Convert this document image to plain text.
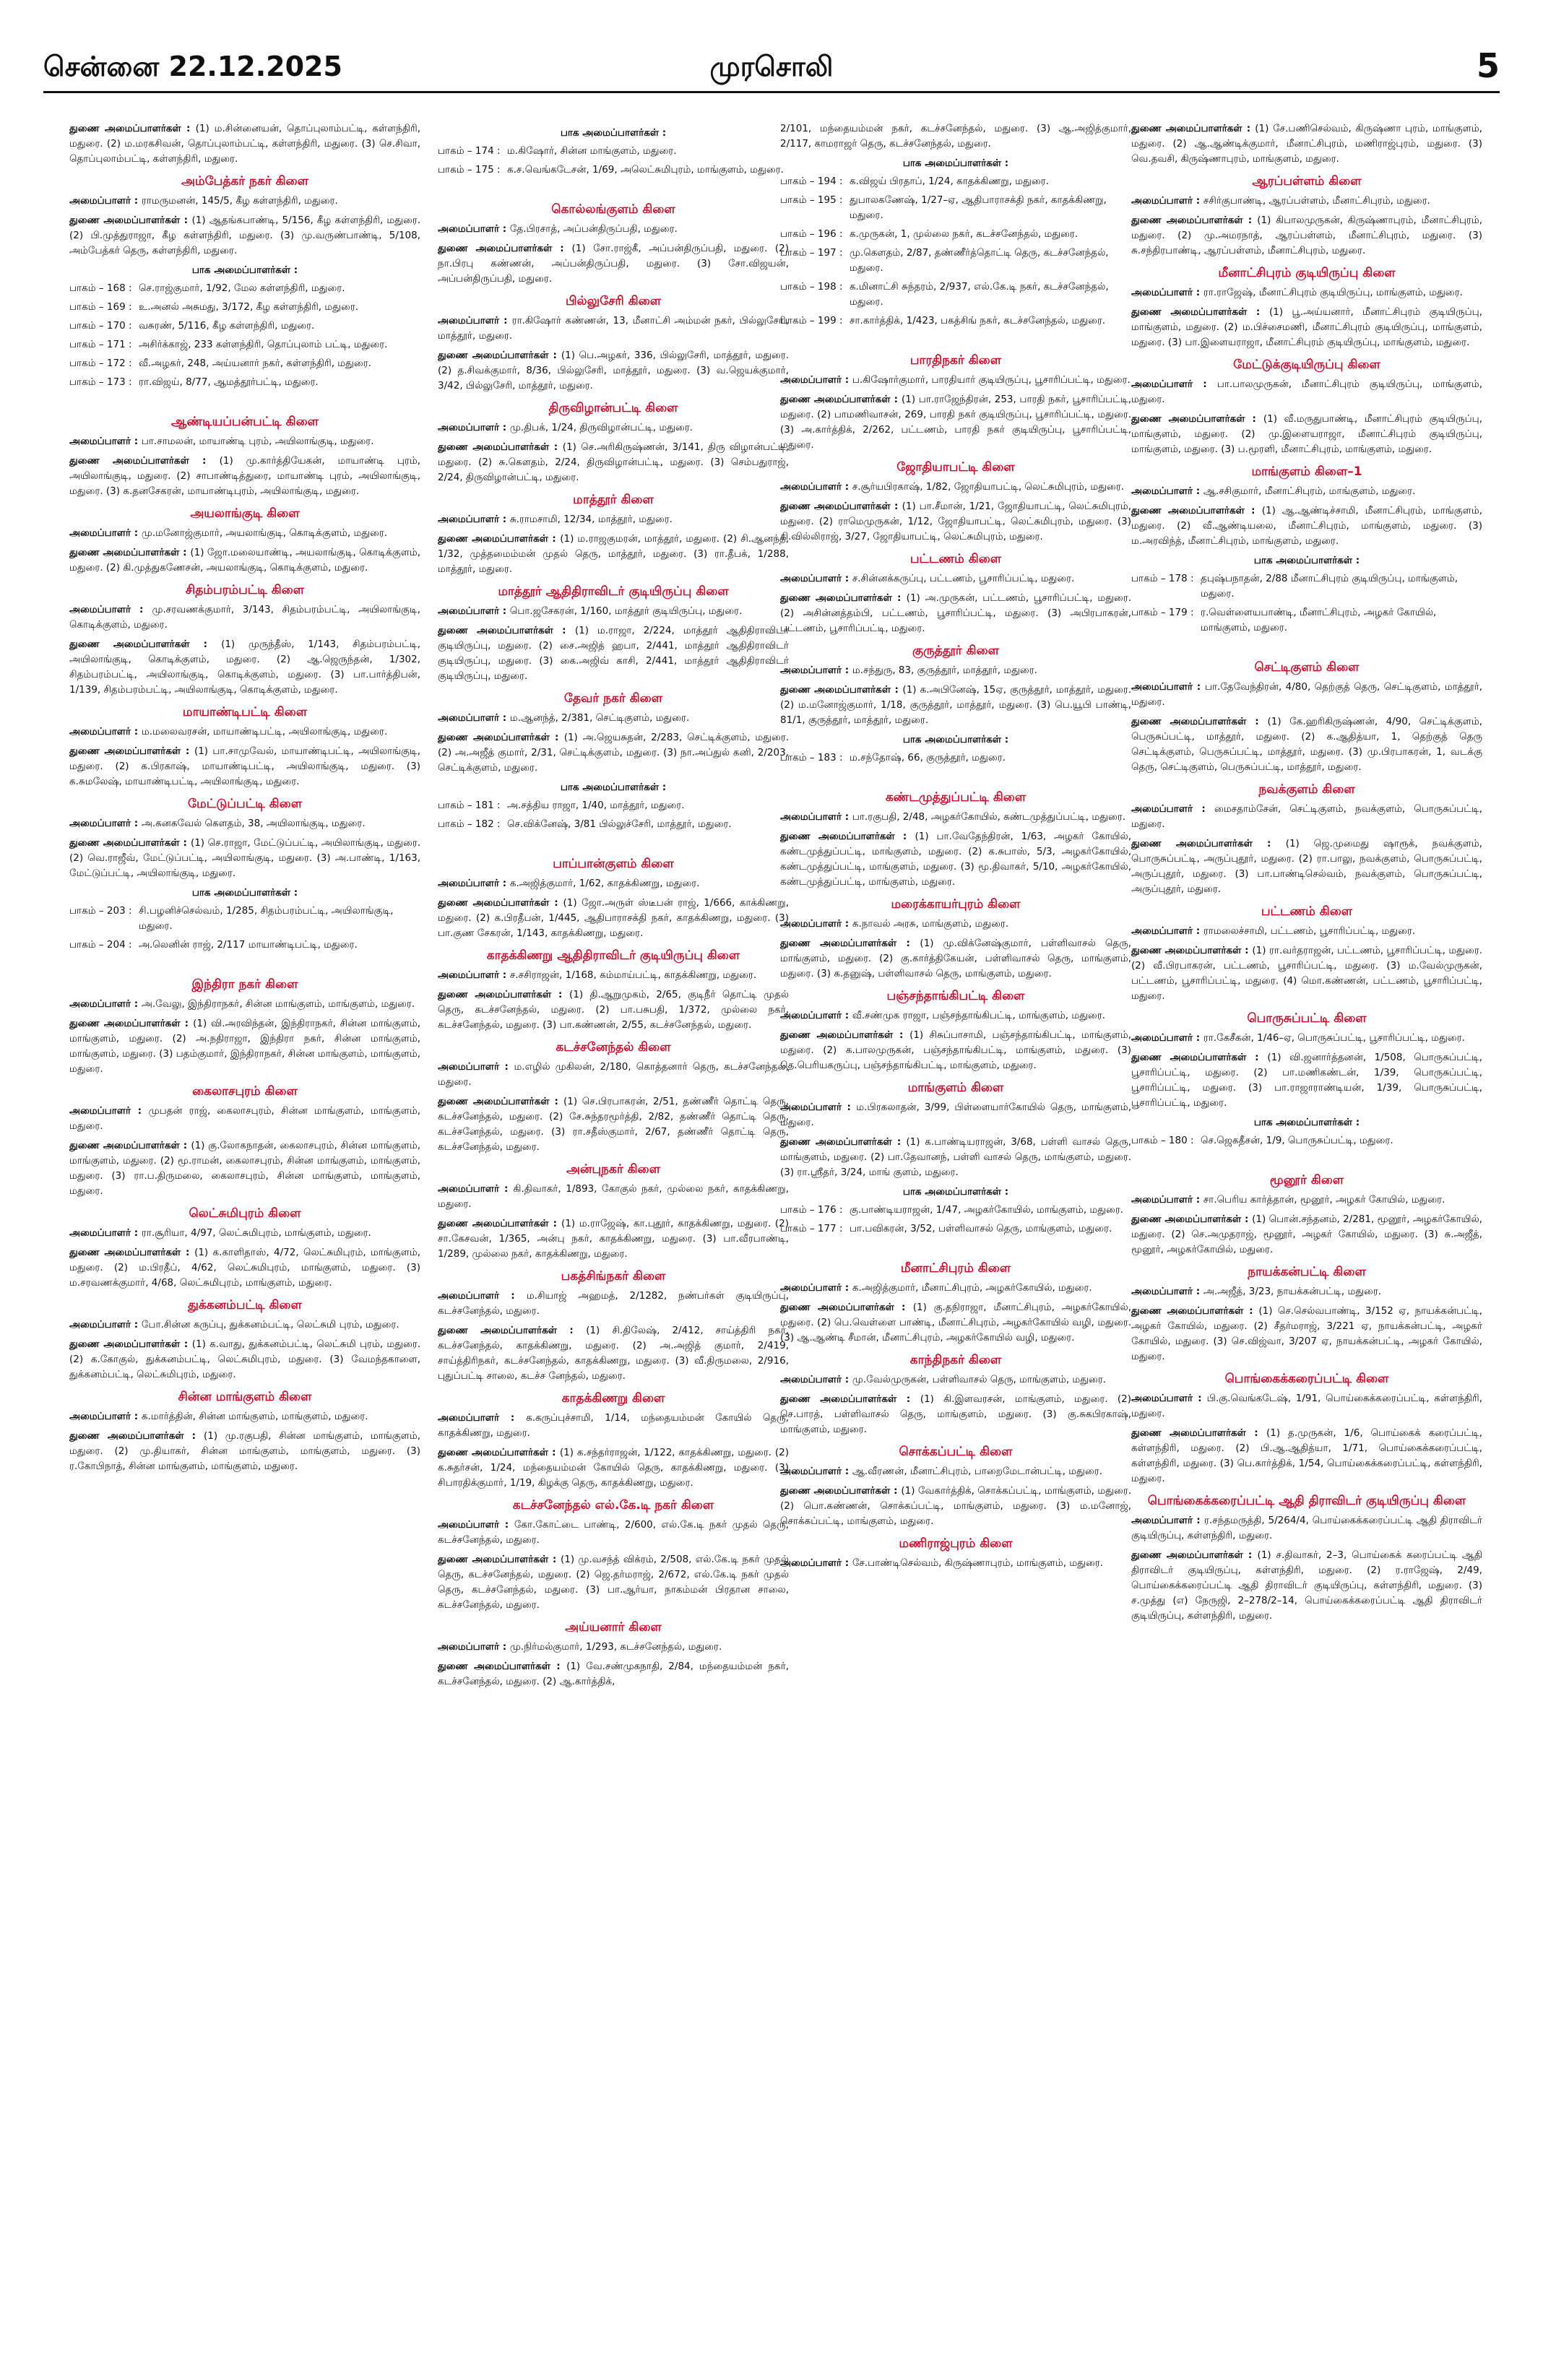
சென்னை 22.12.2025	முரசொலி	5
துணை அமைப்பாளர்கள் : (1) ம.சின்னையன், தொப்புலாம்பட்டி, கள்ளந்திரி, மதுரை. (2) ம.மரகசிவன், தொப்புலாம்பட்டி, கள்ளந்திரி, மதுரை. (3) செ.சிவா, தொப்புலாம்பட்டி, கள்ளந்திரி, மதுரை.
அம்பேத்கர் நகர் கிளை
அமைப்பாளர் : ராமருமனன், 145/5, கீழ கள்ளந்திரி, மதுரை.
துணை அமைப்பாளர்கள் : (1) ஆதங்கபாண்டி, 5/156, கீழ கள்ளந்திரி, மதுரை. (2) பி.முத்துராஜா, கீழ கள்ளந்திரி, மதுரை. (3) மு.வருண்பாண்டி, 5/108, அம்பேத்கர் தெரு, கள்ளந்திரி, மதுரை.
பாக அமைப்பாளர்கள் :
பாகம் – 168 : செ.ராஜ்குமார், 1/92, மேல கள்ளந்திரி, மதுரை.
பாகம் – 169 : உ.அனல் அசுமது, 3/172, கீழ கள்ளந்திரி, மதுரை.
பாகம் – 170 : வசுரண், 5/116, கீழ கள்ளந்திரி, மதுரை.
பாகம் – 171 : அசிர்க்காஜ், 233 கள்ளந்திரி, தொப்புலாம் பட்டி, மதுரை.
பாகம் – 172 : வீ.அழகர், 248, அய்யனார் நகர், கள்ளந்திரி, மதுரை.
பாகம் – 173 : ரா.விஜய், 8/77, ஆமத்தூர்பட்டி, மதுரை.
ஆண்டியப்பன்பட்டி கிளை
அமைப்பாளர் : பா.சாமலன், மாயாண்டி புரம், அயிலாங்குடி, மதுரை.
துணை அமைப்பாளர்கள் : (1) மு.கார்த்தியேகன், மாயாண்டி புரம், அயிலாங்குடி, மதுரை. (2) சாபாண்டித்துரை, மாயாண்டி புரம், அயிலாங்குடி, மதுரை. (3) க.தனசேகரன், மாயாண்டிபுரம், அயிலாங்குடி, மதுரை.
அயலாங்குடி கிளை
அமைப்பாளர் : மு.மனோஜ்குமார், அயலாங்குடி, கொடிக்குளம், மதுரை.
துணை அமைப்பாளர்கள் : (1) ஜோ.மலையாண்டி, அயலாங்குடி, கொடிக்குளம், மதுரை. (2) கி.முத்துகணேசன், அயலாங்குடி, கொடிக்குளம், மதுரை.
சிதம்பரம்பட்டி கிளை
அமைப்பாளர் : மு.சரவணக்குமார், 3/143, சிதம்பரம்பட்டி, அயிலாங்குடி, கொடிக்குளம், மதுரை.
துணை அமைப்பாளர்கள் : (1) முருந்தீஸ், 1/143, சிதம்பரம்பட்டி, அயிலாங்குடி, கொடிக்குளம், மதுரை. (2) ஆ.ஜெருந்தன், 1/302, சிதம்பரம்பட்டி, அயிலாங்குடி, கொடிக்குளம், மதுரை. (3) பா.பார்த்திபன், 1/139, சிதம்பரம்பட்டி, அயிலாங்குடி, கொடிக்குளம், மதுரை.
மாயாண்டிபட்டி கிளை
அமைப்பாளர் : ம.மலைவரசன், மாயாண்டிபட்டி, அயிலாங்குடி, மதுரை.
துணை அமைப்பாளர்கள் : (1) பா.சாமுவேல், மாயாண்டிபட்டி, அயிலாங்குடி, மதுரை. (2) க.பிரகாஷ், மாயாண்டிபட்டி, அயிலாங்குடி, மதுரை. (3) க.சுமலேஷ், மாயாண்டிபட்டி, அயிலாங்குடி, மதுரை.
மேட்டுப்பட்டி கிளை
அமைப்பாளர் : அ.கனகவேல் கௌதம், 38, அயிலாங்குடி, மதுரை.
துணை அமைப்பாளர்கள் : (1) செ.ராஜா, மேட்டுப்பட்டி, அயிலாங்குடி, மதுரை. (2) வெ.ராஜீவ், மேட்டுப்பட்டி, அயிலாங்குடி, மதுரை. (3) அ.பாண்டி, 1/163, மேட்டுப்பட்டி, அயிலாங்குடி, மதுரை.
பாக அமைப்பாளர்கள் :
பாகம் – 203 : சி.பழனிச்செல்வம், 1/285, சிதம்பரம்பட்டி, அயிலாங்குடி, மதுரை.
பாகம் – 204 : அ.லெனின் ராஜ், 2/117 மாயாண்டிபட்டி, மதுரை.
இந்திரா நகர் கிளை
அமைப்பாளர் : அ.வேலு, இந்திராநகர், சின்ன மாங்குளம், மாங்குளம், மதுரை.
துணை அமைப்பாளர்கள் : (1) வி.அரவிந்தன், இந்திராநகர், சின்ன மாங்குளம், மாங்குளம், மதுரை. (2) அ.நதிராஜா, இந்திரா நகர், சின்ன மாங்குளம், மாங்குளம், மதுரை. (3) பதம்குமார், இந்திராநகர், சின்ன மாங்குளம், மாங்குளம், மதுரை.
கைலாசபுரம் கிளை
அமைப்பாளர் : முபதன் ராஜ், கைலாசபுரம், சின்ன மாங்குளம், மாங்குளம், மதுரை.
துணை அமைப்பாளர்கள் : (1) கு.லோகநாதன், கைலாசபுரம், சின்ன மாங்குளம், மாங்குளம், மதுரை. (2) மூ.ராமன், கைலாசபுரம், சின்ன மாங்குளம், மாங்குளம், மதுரை. (3) ரா.ப.திருமலை, கைலாசபுரம், சின்ன மாங்குளம், மாங்குளம், மதுரை.
லெட்சுமிபுரம் கிளை
அமைப்பாளர் : ரா.சூரியா, 4/97, லெட்சுமிபுரம், மாங்குளம், மதுரை.
துணை அமைப்பாளர்கள் : (1) க.காளிதாஸ், 4/72, லெட்சுமிபுரம், மாங்குளம், மதுரை. (2) ம.பிரதீப், 4/62, லெட்சுமிபுரம், மாங்குளம், மதுரை. (3) ம.சரவணக்குமார், 4/68, லெட்சுமிபுரம், மாங்குளம், மதுரை.
துக்கனம்பட்டி கிளை
அமைப்பாளர் : போ.சின்ன கருப்பு, துக்கனம்பட்டி, லெட்சுமி புரம், மதுரை.
துணை அமைப்பாளர்கள் : (1) க.வாது, துக்கனம்பட்டி, லெட்சுமி புரம், மதுரை. (2) க.கோகுல், துக்கனம்பட்டி, லெட்சுமிபுரம், மதுரை. (3) வேமந்தகாளை, துக்கனம்பட்டி, லெட்சுமிபுரம், மதுரை.
சின்ன மாங்குளம் கிளை
அமைப்பாளர் : க.மார்த்தின், சின்ன மாங்குளம், மாங்குளம், மதுரை.
துணை அமைப்பாளர்கள் : (1) மு.ரகுபதி, சின்ன மாங்குளம், மாங்குளம், மதுரை. (2) மு.தியாகர், சின்ன மாங்குளம், மாங்குளம், மதுரை. (3) ர.கோபிநாத், சின்ன மாங்குளம், மாங்குளம், மதுரை.
பாக அமைப்பாளர்கள் :
பாகம் – 174 : ம.கிஷோர், சின்ன மாங்குளம், மதுரை.
பாகம் – 175 : க.ச.வெங்கடேசன், 1/69, அலெட்சுமிபுரம், மாங்குளம், மதுரை.
கொல்லங்குளம் கிளை
அமைப்பாளர் : தே.பிரசாத், அப்பன்திருப்பதி, மதுரை.
துணை அமைப்பாளர்கள் : (1) சோ.ராஜ்கீ, அப்பன்திருப்பதி, மதுரை. (2) நா.பிரபு கண்ணன், அப்பன்திருப்பதி, மதுரை. (3) சோ.விஜயன், அப்பன்திருப்பதி, மதுரை.
பில்லுசேரி கிளை
அமைப்பாளர் : ரா.கிஷோர் கண்ணன், 13, மீனாட்சி அம்மன் நகர், பில்லுசேரி, மாத்தூர், மதுரை.
துணை அமைப்பாளர்கள் : (1) பெ.அழகர், 336, பில்லுசேரி, மாத்தூர், மதுரை. (2) த.சிவக்குமார், 8/36, பில்லுசேரி, மாத்தூர், மதுரை. (3) வ.ஜெயக்குமார், 3/42, பில்லுசேரி, மாத்தூர், மதுரை.
திருவிழான்பட்டி கிளை
அமைப்பாளர் : மு.திபக், 1/24, திருவிழான்பட்டி, மதுரை.
துணை அமைப்பாளர்கள் : (1) செ.அரிகிருஷ்ணன், 3/141, திரு விழான்பட்டி, மதுரை. (2) சு.கௌதம், 2/24, திருவிழான்பட்டி, மதுரை. (3) செம்பதுராஜ், 2/24, திருவிழான்பட்டி, மதுரை.
மாத்தூர் கிளை
அமைப்பாளர் : சு.ராமசாமி, 12/34, மாத்தூர், மதுரை.
துணை அமைப்பாளர்கள் : (1) ம.ராஜகுமரன், மாத்தூர், மதுரை. (2) சி.ஆனந்த், 1/32, முத்தமைம்மன் முதல் தெரு, மாத்தூர், மதுரை. (3) ரா.தீபக், 1/288, மாத்தூர், மதுரை.
மாத்தூர் ஆதிதிராவிடர் குடியிருப்பு கிளை
அமைப்பாளர் : பொ.ஜசேகரன், 1/160, மாத்தூர் குடியிருப்பு, மதுரை.
துணை அமைப்பாளர்கள் : (1) ம.ராஜா, 2/224, மாத்தூர் ஆதிதிராவிடர் குடியிருப்பு, மதுரை. (2) சை.அஜித் ஹபா, 2/441, மாத்தூர் ஆதிதிராவிடர் குடியிருப்பு, மதுரை. (3) கை.அஜிவ் காசி, 2/441, மாத்தூர் ஆதிதிராவிடர் குடியிருப்பு, மதுரை.
தேவர் நகர் கிளை
அமைப்பாளர் : ம.ஆனந்த், 2/381, செட்டிகுளம், மதுரை.
துணை அமைப்பாளர்கள் : (1) அ.ஜெயசுதன், 2/283, செட்டிக்குளம், மதுரை. (2) அ.அஜீத் குமார், 2/31, செட்டிக்குளம், மதுரை. (3) நா.அப்துல் கனி, 2/203, செட்டிக்குளம், மதுரை.
பாக அமைப்பாளர்கள் :
பாகம் – 181 : அ.சத்திய ராஜா, 1/40, மாத்தூர், மதுரை.
பாகம் – 182 : செ.விக்னேஷ், 3/81 பில்லுச்சேரி, மாத்தூர், மதுரை.
பாப்பான்குளம் கிளை
அமைப்பாளர் : க.அஜித்குமார், 1/62, காதக்கிணறு, மதுரை.
துணை அமைப்பாளர்கள் : (1) ஜோ.அருள் ஸ்டீபன் ராஜ், 1/666, காக்கிணறு, மதுரை. (2) க.பிரதீபன், 1/445, ஆதிபாராசக்தி நகர், காதக்கிணறு, மதுரை. (3) பா.குண சேகரன், 1/143, காதக்கிணறு, மதுரை.
காதக்கிணறு ஆதிதிராவிடர் குடியிருப்பு கிளை
அமைப்பாளர் : ச.சசிராஜன், 1/168, கம்மாய்பட்டி, காதக்கிணறு, மதுரை.
துணை அமைப்பாளர்கள் : (1) தி.ஆறுமுகம், 2/65, குடிநீர் தொட்டி முதல் தெரு, கடச்சனேந்தல், மதுரை. (2) பா.பசுபதி, 1/372, முல்லை நகர், கடச்சனேந்தல், மதுரை. (3) பா.கண்ணன், 2/55, கடச்சனேந்தல், மதுரை.
கடச்சனேந்தல் கிளை
அமைப்பாளர் : ம.எழில் முகிலன், 2/180, கொத்தனார் தெரு, கடச்சனேந்தல், மதுரை.
துணை அமைப்பாளர்கள் : (1) செ.பிரபாகரன், 2/51, தண்ணீர் தொட்டி தெரு, கடச்சனேந்தல், மதுரை. (2) சே.சுந்தரமூர்த்தி, 2/82, தண்ணீர் தொட்டி தெரு, கடச்சனேந்தல், மதுரை. (3) ரா.சதீஸ்குமார், 2/67, தண்ணீர் தொட்டி தெரு, கடச்சனேந்தல், மதுரை.
அன்புநகர் கிளை
அமைப்பாளர் : கி.திவாகர், 1/893, கோகுல் நகர், முல்லை நகர், காதக்கிணறு, மதுரை.
துணை அமைப்பாளர்கள் : (1) ம.ராஜேஷ், கா.புதூர், காதக்கிணறு, மதுரை. (2) சா.கேசவன், 1/365, அன்பு நகர், காதக்கிணறு, மதுரை. (3) பா.வீரபாண்டி, 1/289, முல்லை நகர், காதக்கிணறு, மதுரை.
பகத்சிங்நகர் கிளை
அமைப்பாளர் : ம.சியாஜ் அஹமத், 2/1282, நண்பர்கள் குடியிருப்பு, கடச்சனேந்தல், மதுரை.
துணை அமைப்பாளர்கள் : (1) சி.திலேஷ், 2/412, சாய்த்திரி நகர், கடச்சனேந்தல், காதக்கிணறு, மதுரை. (2) அ.அஜித் குமார், 2/419, சாய்த்திரிநகர், கடச்சனேந்தல், காதக்கிணறு, மதுரை. (3) வீ.திருமலை, 2/916, புதுப்பட்டி சாலை, கடச்ச னேந்தல், மதுரை.
காதக்கிணறு கிளை
அமைப்பாளர் : க.கருப்புச்சாமி, 1/14, மந்தையம்மன் கோயில் தெரு, காதக்கிணறு, மதுரை.
துணை அமைப்பாளர்கள் : (1) க.சந்தர்ராஜன், 1/122, காதக்கிணறு, மதுரை. (2) க.சுதர்சன், 1/24, மந்தையம்மன் கோயில் தெரு, காதக்கிணறு, மதுரை. (3) சிபாரதிக்குமார், 1/19, கிழக்கு தெரு, காதக்கிணறு, மதுரை.
கடச்சனேந்தல் எல்.கே.டி நகர் கிளை
அமைப்பாளர் : கோ.கோட்டை பாண்டி, 2/600, எல்.கே.டி நகர் முதல் தெரு, கடச்சனேந்தல், மதுரை.
துணை அமைப்பாளர்கள் : (1) மு.வசந்த் விக்ரம், 2/508, எல்.கே.டி நகர் முதல் தெரு, கடச்சனேந்தல், மதுரை. (2) ஜெ.தர்மராஜ், 2/672, எல்.கே.டி நகர் முதல் தெரு, கடச்சனேந்தல், மதுரை. (3) பா.ஆர்யா, நாகம்மன் பிரதான சாலை, கடச்சனேந்தல், மதுரை.
அய்யனார் கிளை
அமைப்பாளர் : மு.நிர்மல்குமார், 1/293, கடச்சனேந்தல், மதுரை.
துணை அமைப்பாளர்கள் : (1) வே.சண்முகநாதி, 2/84, மந்தையம்மன் நகர், கடச்சனேந்தல், மதுரை. (2) ஆ.கார்த்திக்,
2/101, மந்தையம்மன் நகர், கடச்சனேந்தல், மதுரை. (3) ஆ.அஜித்குமார், 2/117, காமராஜர் தெரு, கடச்சனேந்தல், மதுரை.
பாக அமைப்பாளர்கள் :
பாகம் – 194 : க.விஜய் பிரதாப், 1/24, காதக்கிணறு, மதுரை.
பாகம் – 195 : துபாலகணேஷ், 1/27–ஏ, ஆதிபாராசக்தி நகர், காதக்கிணறு, மதுரை.
பாகம் – 196 : க.முருகன், 1, முல்லை நகர், கடச்சனேந்தல், மதுரை.
பாகம் – 197 : மு.கௌதம், 2/87, தண்ணீர்த்தொட்டி தெரு, கடச்சனேந்தல், மதுரை.
பாகம் – 198 : க.மினாட்சி சுந்தரம், 2/937, எல்.கே.டி நகர், கடச்சனேந்தல், மதுரை.
பாகம் – 199 : சா.கார்த்திக், 1/423, பகத்சிங் நகர், கடச்சனேந்தல், மதுரை.
பாரதிநகர் கிளை
அமைப்பாளர் : ப.கிஷோர்குமார், பாரதியார் குடியிருப்பு, பூசாரிப்பட்டி, மதுரை.
துணை அமைப்பாளர்கள் : (1) பா.ராஜேந்திரன், 253, பாரதி நகர், பூசாரிப்பட்டி, மதுரை. (2) பாமணிவாசன், 269, பாரதி நகர் குடியிருப்பு, பூசாரிப்பட்டி, மதுரை. (3) அ.கார்த்திக், 2/262, பட்டணம், பாரதி நகர் குடியிருப்பு, பூசாரிப்பட்டி, மதுரை.
ஜோதியாபட்டி கிளை
அமைப்பாளர் : ச.சூர்யபிரகாஷ், 1/82, ஜோதியாபட்டி, லெட்சுமிபுரம், மதுரை.
துணை அமைப்பாளர்கள் : (1) பா.சீமான், 1/21, ஜோதியாபட்டி, லெட்சுமிபுரம், மதுரை. (2) ராமெமுருகன், 1/12, ஜோதியாபட்டி, லெட்சுமிபுரம், மதுரை. (3) கி.வில்லிராஜ், 3/27, ஜோதியாபட்டி, லெட்சுமிபுரம், மதுரை.
பட்டணம் கிளை
அமைப்பாளர் : ச.சின்னக்கருப்பு, பட்டணம், பூசாரிப்பட்டி, மதுரை.
துணை அமைப்பாளர்கள் : (1) அ.முருகன், பட்டணம், பூசாரிப்பட்டி, மதுரை. (2) அசின்னத்தம்பி, பட்டணம், பூசாரிப்பட்டி, மதுரை. (3) அபிரபாகரன், பட்டணம், பூசாரிப்பட்டி, மதுரை.
குருத்தூர் கிளை
அமைப்பாளர் : ம.சந்துரு, 83, குருத்தூர், மாத்தூர், மதுரை.
துணை அமைப்பாளர்கள் : (1) க.அபினேஷ், 15ஏ, குருத்தூர், மாத்தூர், மதுரை. (2) ம.மனோஜ்குமார், 1/18, குருத்தூர், மாத்தூர், மதுரை. (3) பெ.யூபி பாண்டி, 81/1, குருத்தூர், மாத்தூர், மதுரை.
பாக அமைப்பாளர்கள் :
பாகம் – 183 : ம.சந்தோஷ், 66, குருத்தூர், மதுரை.
கண்டமுத்துப்பட்டி கிளை
அமைப்பாளர் : பா.ரகுபதி, 2/48, அழகர்கோயில், கண்டமுத்துப்பட்டி, மதுரை.
துணை அமைப்பாளர்கள் : (1) பா.வேதேந்திரன், 1/63, அழகர் கோயில், கண்டமுத்துப்பட்டி, மாங்குளம், மதுரை. (2) க.சுபாஸ், 5/3, அழகர்கோயில், கண்டமுத்துப்பட்டி, மாங்குளம், மதுரை. (3) மூ.திவாகர், 5/10, அழகர்கோயில், கண்டமுத்துப்பட்டி, மாங்குளம், மதுரை.
மரைக்காயர்புரம் கிளை
அமைப்பாளர் : க.நாவல் அரசு, மாங்குளம், மதுரை.
துணை அமைப்பாளர்கள் : (1) மு.விக்னேஷ்குமார், பள்ளிவாசல் தெரு, மாங்குளம், மதுரை. (2) கு.கார்த்திகேயன், பள்ளிவாசல் தெரு, மாங்குளம், மதுரை. (3) க.தனுஷ், பள்ளிவாசல் தெரு, மாங்குளம், மதுரை.
பஞ்சந்தாங்கிபட்டி கிளை
அமைப்பாளர் : வீ.சண்முக ராஜா, பஞ்சந்தாங்கிபட்டி, மாங்குளம், மதுரை.
துணை அமைப்பாளர்கள் : (1) சிசுப்பாசாமி, பஞ்சந்தாங்கிபட்டி, மாங்குளம், மதுரை. (2) க.பாலமுருகன், பஞ்சந்தாங்கிபட்டி, மாங்குளம், மதுரை. (3) தெ.பெரியகருப்பு, பஞ்சந்தாங்கிபட்டி, மாங்குளம், மதுரை.
மாங்குளம் கிளை
அமைப்பாளர் : ம.பிரகலாதன், 3/99, பிள்ளையார்கோயில் தெரு, மாங்குளம், மதுரை.
துணை அமைப்பாளர்கள் : (1) க.பாண்டியராஜன், 3/68, பள்ளி வாசல் தெரு, மாங்குளம், மதுரை. (2) பா.தேவானந், பள்ளி வாசல் தெரு, மாங்குளம், மதுரை. (3) ரா.ஸ்ரீதர், 3/24, மாங் குளம், மதுரை.
பாக அமைப்பாளர்கள் :
பாகம் – 176 : கு.பாண்டியராஜன், 1/47, அழகர்கோயில், மாங்குளம், மதுரை.
பாகம் – 177 : பா.பவிகரன், 3/52, பள்ளிவாசல் தெரு, மாங்குளம், மதுரை.
மீனாட்சிபுரம் கிளை
அமைப்பாளர் : க.அஜித்குமார், மீனாட்சிபுரம், அழகர்கோயில், மதுரை.
துணை அமைப்பாளர்கள் : (1) கு.தநிராஜா, மீனாட்சிபுரம், அழகர்கோயில், மதுரை. (2) பெ.வெள்ளை பாண்டி, மீனாட்சிபுரம், அழகர்கோயில் வழி, மதுரை. (3) ஆ.ஆண்டி சீமான், மீனாட்சிபுரம், அழகர்கோயில் வழி, மதுரை.
காந்திநகர் கிளை
அமைப்பாளர் : மு.வேல்முருகன், பள்ளிவாசல் தெரு, மாங்குளம், மதுரை.
துணை அமைப்பாளர்கள் : (1) கி.இளவரசன், மாங்குளம், மதுரை. (2) செ.பாரத், பள்ளிவாசல் தெரு, மாங்குளம், மதுரை. (3) கு.சுகபிரகாஷ், மாங்குளம், மதுரை.
சொக்கப்பட்டி கிளை
அமைப்பாளர் : ஆ.வீரணன், மீனாட்சிபுரம், பாறைமேடான்பட்டி, மதுரை.
துணை அமைப்பாளர்கள் : (1) வேகார்த்திக், சொக்கப்பட்டி, மாங்குளம், மதுரை. (2) பொ.கண்ணன், சொக்கப்பட்டி, மாங்குளம், மதுரை. (3) ம.மனோஜ், சொக்கப்பட்டி, மாங்குளம், மதுரை.
மணிராஜ்புரம் கிளை
அமைப்பாளர் : சே.பாண்டிசெல்வம், கிருஷ்ணாபுரம், மாங்குளம், மதுரை.
துணை அமைப்பாளர்கள் : (1) சே.பணிசெல்வம், கிருஷ்ணா புரம், மாங்குளம், மதுரை. (2) ஆ.ஆண்டிக்குமார், மீனாட்சிபுரம், மணிராஜ்புரம், மதுரை. (3) வெ.தவசி, கிருஷ்ணாபுரம், மாங்குளம், மதுரை.
ஆரப்பள்ளம் கிளை
அமைப்பாளர் : சசிர்குபாண்டி, ஆரப்பள்ளம், மீனாட்சிபுரம், மதுரை.
துணை அமைப்பாளர்கள் : (1) கிபாலமுருகன், கிருஷ்ணாபுரம், மீனாட்சிபுரம், மதுரை. (2) மு.அமரநாத், ஆரப்பள்ளம், மீனாட்சிபுரம், மதுரை. (3) சு.சந்திரபாண்டி, ஆரப்பள்ளம், மீனாட்சிபுரம், மதுரை.
மீனாட்சிபுரம் குடியிருப்பு கிளை
அமைப்பாளர் : ரா.ராஜேஷ், மீனாட்சிபுரம் குடியிருப்பு, மாங்குளம், மதுரை.
துணை அமைப்பாளர்கள் : (1) பூ.அய்யனார், மீனாட்சிபுரம் குடியிருப்பு, மாங்குளம், மதுரை. (2) ம.பிச்சைமணி, மீனாட்சிபுரம் குடியிருப்பு, மாங்குளம், மதுரை. (3) பா.இளையராஜா, மீனாட்சிபுரம் குடியிருப்பு, மாங்குளம், மதுரை.
மேட்டுக்குடியிருப்பு கிளை
அமைப்பாளர் : பா.பாலமுருகன், மீனாட்சிபுரம் குடியிருப்பு, மாங்குளம், மதுரை.
துணை அமைப்பாளர்கள் : (1) வீ.மருதுபாண்டி, மீனாட்சிபுரம் குடியிருப்பு, மாங்குளம், மதுரை. (2) மு.இளையராஜா, மீனாட்சிபுரம் குடியிருப்பு, மாங்குளம், மதுரை. (3) ப.மூரளி, மீனாட்சிபுரம், மாங்குளம், மதுரை.
மாங்குளம் கிளை–1
அமைப்பாளர் : ஆ.சசிகுமார், மீனாட்சிபுரம், மாங்குளம், மதுரை.
துணை அமைப்பாளர்கள் : (1) ஆ.ஆண்டிச்சாமி, மீனாட்சிபுரம், மாங்குளம், மதுரை. (2) வீ.ஆண்டியலை, மீனாட்சிபுரம், மாங்குளம், மதுரை. (3) ம.அரவிந்த், மீனாட்சிபுரம், மாங்குளம், மதுரை.
பாக அமைப்பாளர்கள் :
பாகம் – 178 : தபுஷ்பநாதன், 2/88 மீனாட்சிபுரம் குடியிருப்பு, மாங்குளம், மதுரை.
பாகம் – 179 : ர.வெள்ளையபாண்டி, மீனாட்சிபுரம், அழகர் கோயில், மாங்குளம், மதுரை.
செட்டிகுளம் கிளை
அமைப்பாளர் : பா.தேவேந்திரன், 4/80, தெற்குத் தெரு, செட்டிகுளம், மாத்தூர், மதுரை.
துணை அமைப்பாளர்கள் : (1) கே.ஹரிகிருஷ்ணன், 4/90, செட்டிக்குளம், பெருசுப்பட்டி, மாத்தூர், மதுரை. (2) க.ஆதித்யா, 1, தெற்குத் தெரு செட்டிக்குளம், பெருசுப்பட்டி, மாத்தூர், மதுரை. (3) மு.பிரபாகரன், 1, வடக்கு தெரு, செட்டிகுளம், பெருசுப்பட்டி, மாத்தூர், மதுரை.
நவக்குளம் கிளை
அமைப்பாளர் : மைசதாம்சேன், செட்டிகுளம், நவக்குளம், பொருசுப்பட்டி, மதுரை.
துணை அமைப்பாளர்கள் : (1) ஜெ.முமைது ஷாரூக், நவக்குளம், பொருசுப்பட்டி, அருப்புதூர், மதுரை. (2) ரா.பாலு, நவக்குளம், பொருசுப்பட்டி, அருப்புதூர், மதுரை. (3) பா.பாண்டிசெல்வம், நவக்குளம், பொருசுப்பட்டி, அருப்புதூர், மதுரை.
பட்டணம் கிளை
அமைப்பாளர் : ராமலைச்சாமி, பட்டணம், பூசாரிப்பட்டி, மதுரை.
துணை அமைப்பாளர்கள் : (1) ரா.வர்தராஜன், பட்டணம், பூசாரிப்பட்டி, மதுரை. (2) வீ.பிரபாகரன், பட்டணம், பூசாரிப்பட்டி, மதுரை. (3) ம.வேல்முருகன், பட்டணம், பூசாரிப்பட்டி, மதுரை. (4) மொ.கண்ணன், பட்டணம், பூசாரிப்பட்டி, மதுரை.
பொருசுப்பட்டி கிளை
அமைப்பாளர் : ரா.கேசீகன், 1/46–ஏ, பொருசுப்பட்டி, பூசாரிப்பட்டி, மதுரை.
துணை அமைப்பாளர்கள் : (1) வி.ஜனார்த்தனன், 1/508, பொருசுப்பட்டி, பூசாரிப்பட்டி, மதுரை. (2) பா.மணிகண்டன், 1/39, பொருசுப்பட்டி, பூசாரிப்பட்டி, மதுரை. (3) பா.ராஜாராண்டியன், 1/39, பொருசுப்பட்டி, பூசாரிப்பட்டி, மதுரை.
பாக அமைப்பாளர்கள் :
பாகம் – 180 : செ.ஜெகதீசன், 1/9, பொருசுப்பட்டி, மதுரை.
மூனூர் கிளை
அமைப்பாளர் : சா.பெரிய கார்த்தான், மூனூர், அழகர் கோயில், மதுரை.
துணை அமைப்பாளர்கள் : (1) பொன்.சந்தனம், 2/281, மூனூர், அழகர்கோயில், மதுரை. (2) செ.அமுதராஜ், மூனூர், அழகர் கோயில், மதுரை. (3) சு.அஜீத், மூனூர், அழகர்கோயில், மதுரை.
நாயக்கன்பட்டி கிளை
அமைப்பாளர் : அ.அஜீத், 3/23, நாயக்கன்பட்டி, மதுரை.
துணை அமைப்பாளர்கள் : (1) செ.செல்வபாண்டி, 3/152 ஏ, நாயக்கன்பட்டி, அழகர் கோயில், மதுரை. (2) சீதர்மராஜ், 3/221 ஏ, நாயக்கன்பட்டி, அழகர் கோயில், மதுரை. (3) செ.விஜ்வா, 3/207 ஏ, நாயக்கன்பட்டி, அழகர் கோயில், மதுரை.
பொங்கைக்கரைப்பட்டி கிளை
அமைப்பாளர் : பி.கு.வெங்கடேஷ், 1/91, பொய்கைக்கரைப்பட்டி, கள்ளந்திரி, மதுரை.
துணை அமைப்பாளர்கள் : (1) த.முருகன், 1/6, பொய்கைக் கரைப்பட்டி, கள்ளந்திரி, மதுரை. (2) பி.ஆ.ஆதித்யா, 1/71, பொய்கைக்கரைப்பட்டி, கள்ளந்திரி, மதுரை. (3) பெ.கார்த்திக், 1/54, பொய்கைக்கரைப்பட்டி, கள்ளந்திரி, மதுரை.
பொங்கைக்கரைப்பட்டி ஆதி திராவிடர் குடியிருப்பு கிளை
அமைப்பாளர் : ர.சந்தமருத்தி, 5/264/4, பொய்கைக்கரைப்பட்டி ஆதி திராவிடர் குடியிருப்பு, கள்ளந்திரி, மதுரை.
துணை அமைப்பாளர்கள் : (1) ச.திவாகர், 2–3, பொய்கைக் கரைப்பட்டி ஆதி திராவிடர் குடியிருப்பு, கள்ளந்திரி, மதுரை. (2) ர.ராஜேஷ், 2/49, பொய்கைக்கரைப்பட்டி ஆதி திராவிடர் குடியிருப்பு, கள்ளந்திரி, மதுரை. (3) ச.முத்து (எ) நேருஜி, 2–278/2–14, பொய்கைக்கரைப்பட்டி ஆதி திராவிடர் குடியிருப்பு, கள்ளந்திரி, மதுரை.
